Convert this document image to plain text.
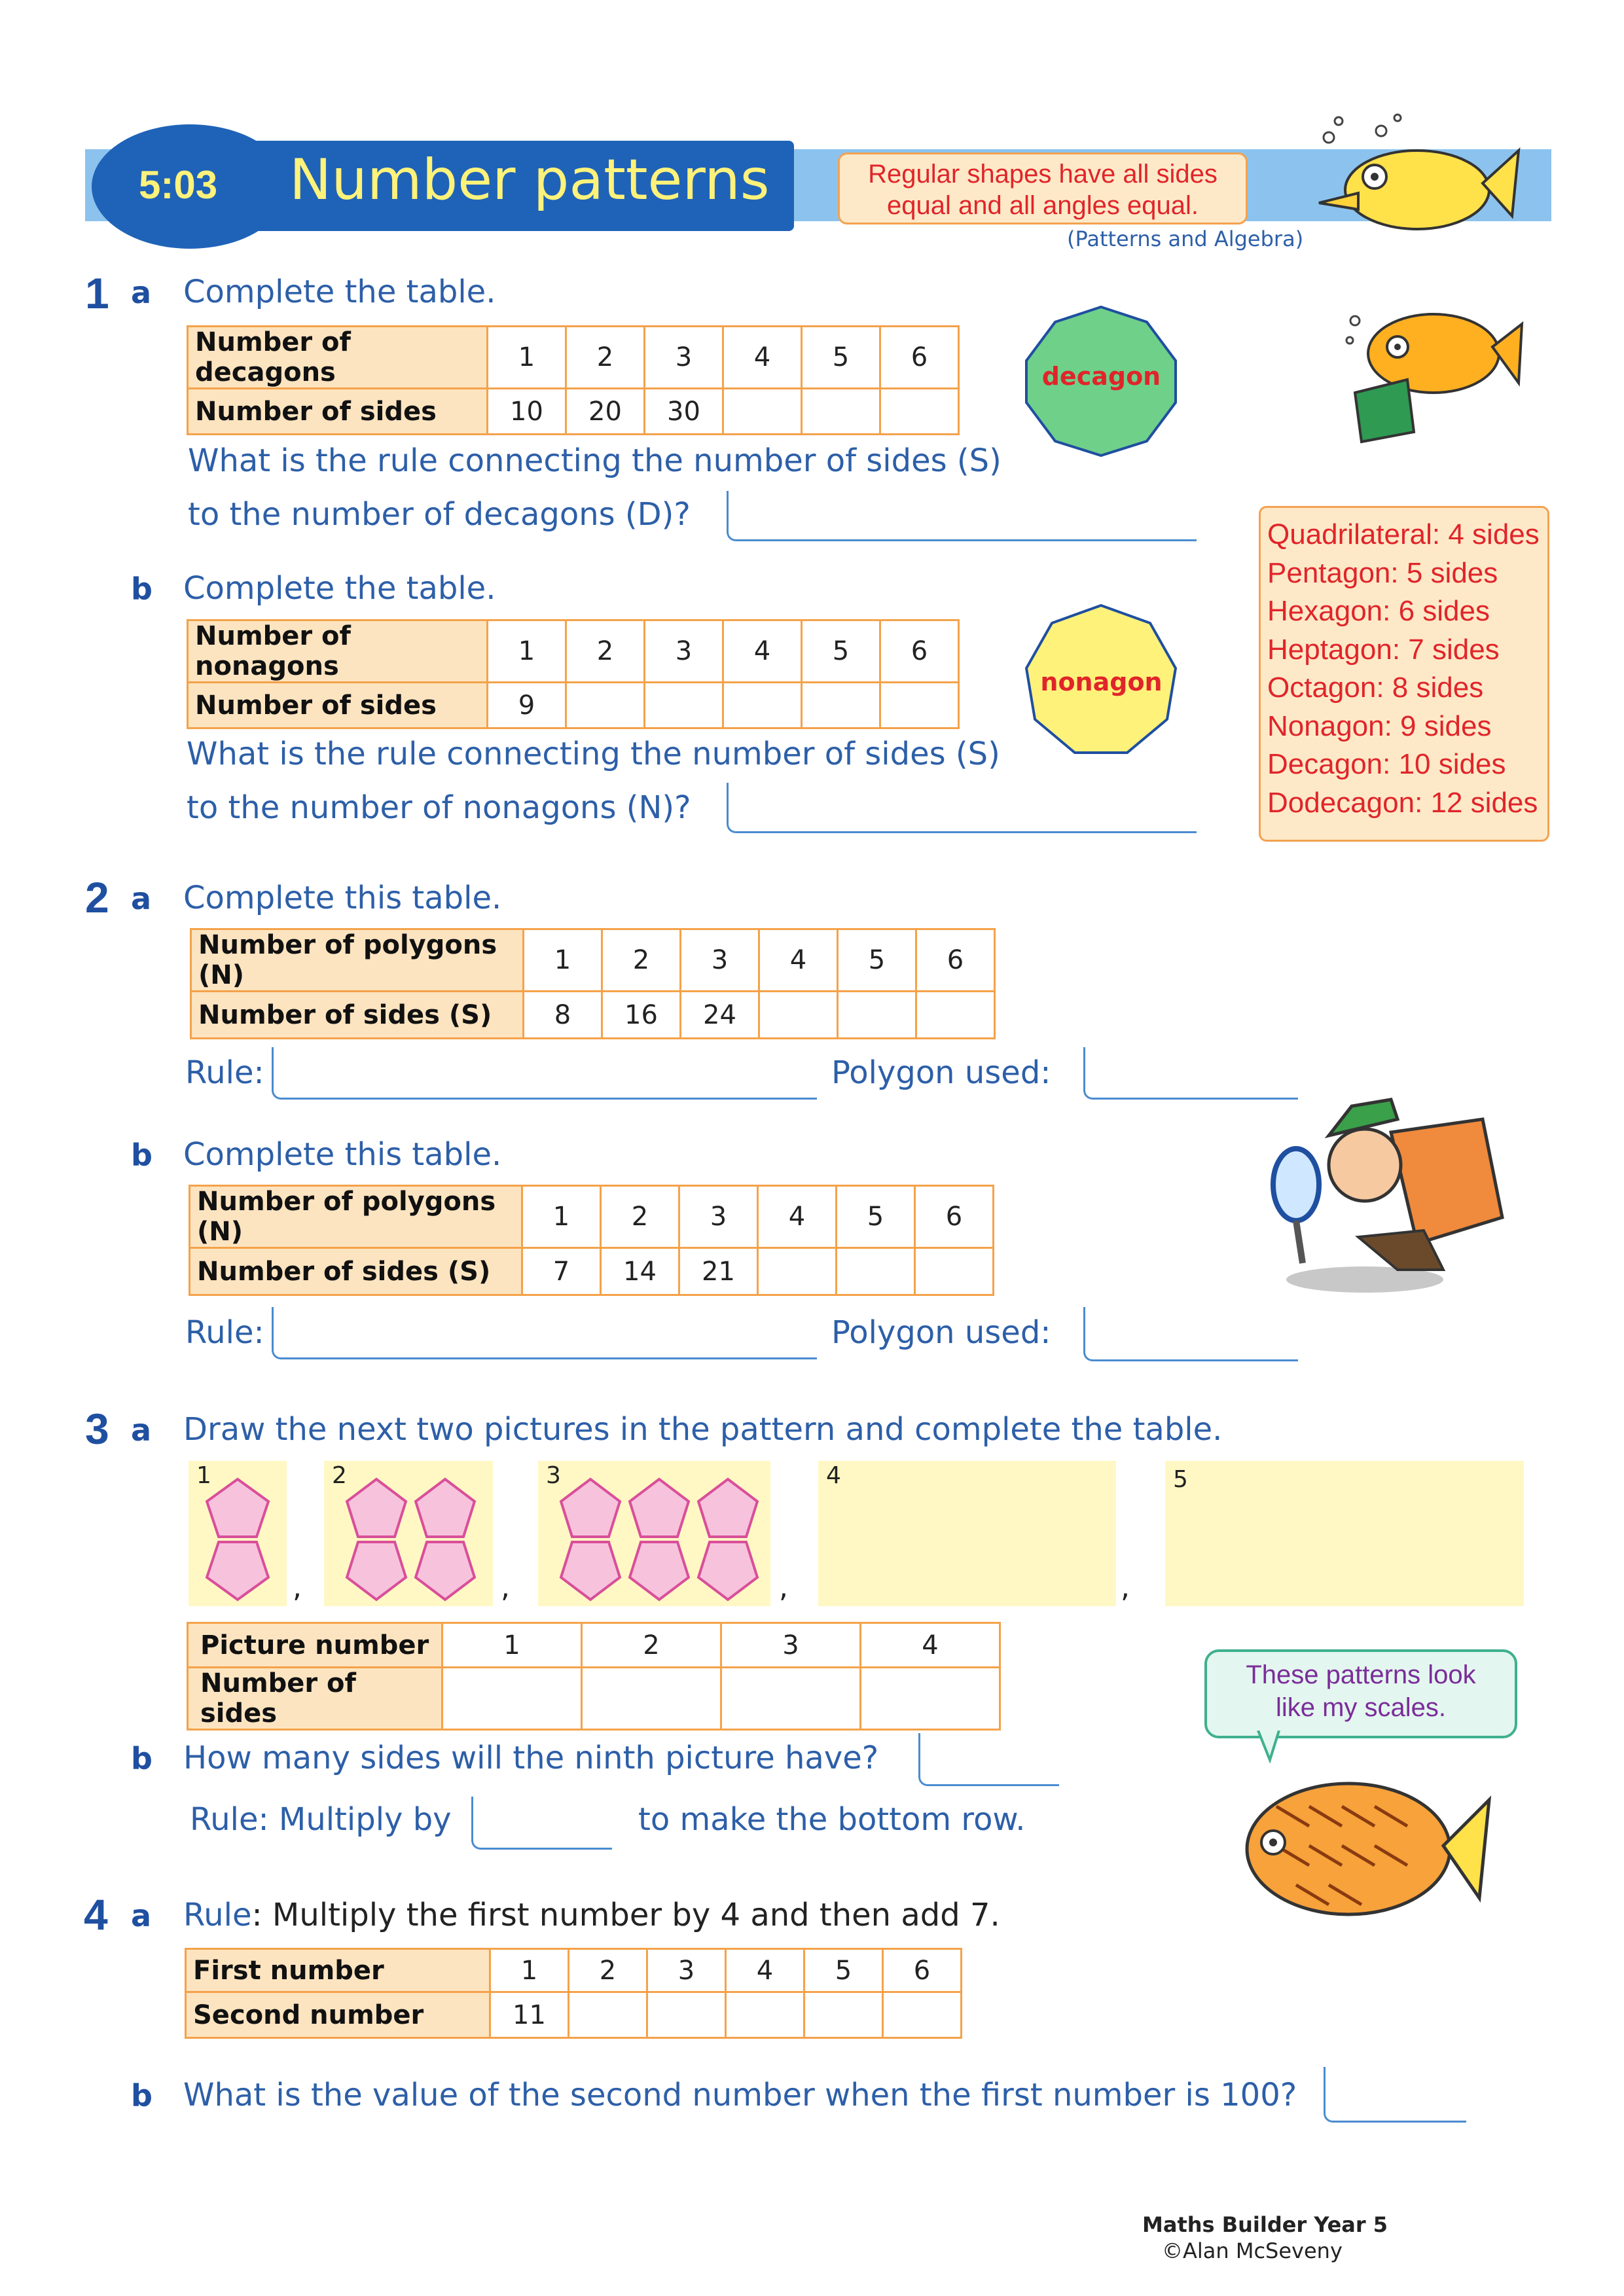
5:03 Number patterns	Regular shapes have all sides equal and all angles equal.
(Patterns and Algebra)
1 a Complete the table.
Number of decagons	1	2	3	4	5	6
Number of sides	10	20	30			
decagon
What is the rule connecting the number of sides (S)
to the number of decagons (D)?
Quadrilateral: 4 sides
Pentagon: 5 sides
Hexagon: 6 sides
Heptagon: 7 sides
Octagon: 8 sides
Nonagon: 9 sides
Decagon: 10 sides
Dodecagon: 12 sides
b Complete the table.
Number of nonagons	1	2	3	4	5	6
Number of sides	9					
nonagon
What is the rule connecting the number of sides (S)
to the number of nonagons (N)?
2 a Complete this table.
Number of polygons (N)	1	2	3	4	5	6
Number of sides (S)	8	16	24			
Rule:	Polygon used:
b Complete this table.
Number of polygons (N)	1	2	3	4	5	6
Number of sides (S)	7	14	21			
Rule:	Polygon used:
3 a Draw the next two pictures in the pattern and complete the table.
1
,
2
,
3
,
4
,
5
Picture number	1	2	3	4
Number of sides				
These patterns look like my scales.
b How many sides will the ninth picture have?
Rule: Multiply by	to make the bottom row.
4 a Rule: Multiply the first number by 4 and then add 7.
First number	1	2	3	4	5	6
Second number	11					
b What is the value of the second number when the first number is 100?
Maths Builder Year 5
©Alan McSeveny
